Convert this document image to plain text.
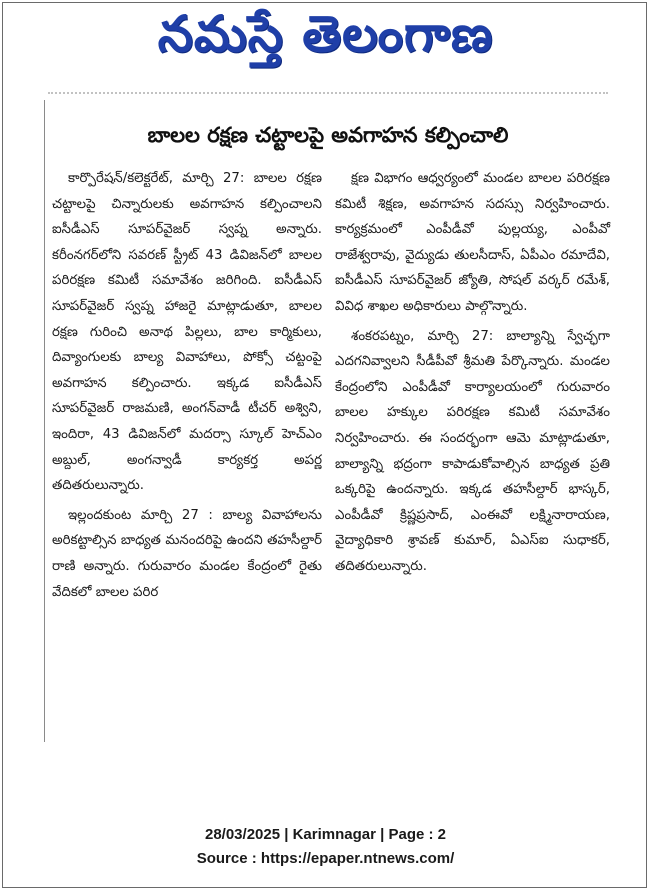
నమస్తే తెలంగాణ
బాలల రక్షణ చట్టాలపై అవగాహన కల్పించాలి

కార్పొరేషన్/కలెక్టరేట్, మార్చి 27: బాలల రక్షణ చట్టాలపై చిన్నారులకు అవగాహన కల్పించాలని ఐసీడీఎస్ సూపర్‌వైజర్ స్వప్న అన్నారు. కరీంనగర్‌లోని సవరణ్ స్ట్రీట్ 43 డివిజన్‌లో బాలల పరిరక్షణ కమిటీ సమావేశం జరిగింది. ఐసీడీఎస్ సూపర్‌వైజర్ స్వప్న హాజరై మాట్లాడుతూ, బాలల రక్షణ గురించి అనాథ పిల్లలు, బాల కార్మికులు, దివ్యాంగులకు బాల్య వివాహాలు, పోక్సో చట్టంపై అవగాహన కల్పించారు. ఇక్కడ ఐసీడీఎస్ సూపర్‌వైజర్ రాజమణి, అంగన్‌వాడీ టీచర్ అశ్విని, ఇందిరా, 43 డివిజన్‌లో మదర్సా స్కూల్ హెచ్ఎం అబ్దుల్, అంగన్వాడీ కార్యకర్త అపర్ణ తదితరులున్నారు.

ఇల్లందకుంట మార్చి 27 : బాల్య వివాహాలను అరికట్టాల్సిన బాధ్యత మనందరిపై ఉందని తహసీల్దార్ రాణి అన్నారు. గురువారం మండల కేంద్రంలో రైతు వేదికలో బాలల పరిర

క్షణ విభాగం ఆధ్వర్యంలో మండల బాలల పరిరక్షణ కమిటీ శిక్షణ, అవగాహన సదస్సు నిర్వహించారు. కార్యక్రమంలో ఎంపీడీవో పుల్లయ్య, ఎంపీవో రాజేశ్వరావు, వైద్యుడు తులసీదాస్, ఏపీఎం రమాదేవి, ఐసీడీఎస్ సూపర్‌వైజర్ జ్యోతి, సోషల్ వర్కర్ రమేశ్, వివిధ శాఖల అధికారులు పాల్గొన్నారు.

శంకరపట్నం, మార్చి 27: బాల్యాన్ని స్వేచ్ఛగా ఎదగనివ్వాలని సీడీపీవో శ్రీమతి పేర్కొన్నారు. మండల కేంద్రంలోని ఎంపీడీవో కార్యాలయంలో గురువారం బాలల హక్కుల పరిరక్షణ కమిటీ సమావేశం నిర్వహించారు. ఈ సందర్భంగా ఆమె మాట్లాడుతూ, బాల్యాన్ని భద్రంగా కాపాడుకోవాల్సిన బాధ్యత ప్రతి ఒక్కరిపై ఉందన్నారు. ఇక్కడ తహసీల్దార్ భాస్కర్, ఎంపీడీవో క్రిష్ణప్రసాద్, ఎంఈవో లక్ష్మినారాయణ, వైద్యాధికారి శ్రావణ్ కుమార్, ఏఎస్ఐ సుధాకర్, తదితరులున్నారు.

28/03/2025 | Karimnagar | Page : 2
Source : https://epaper.ntnews.com/
